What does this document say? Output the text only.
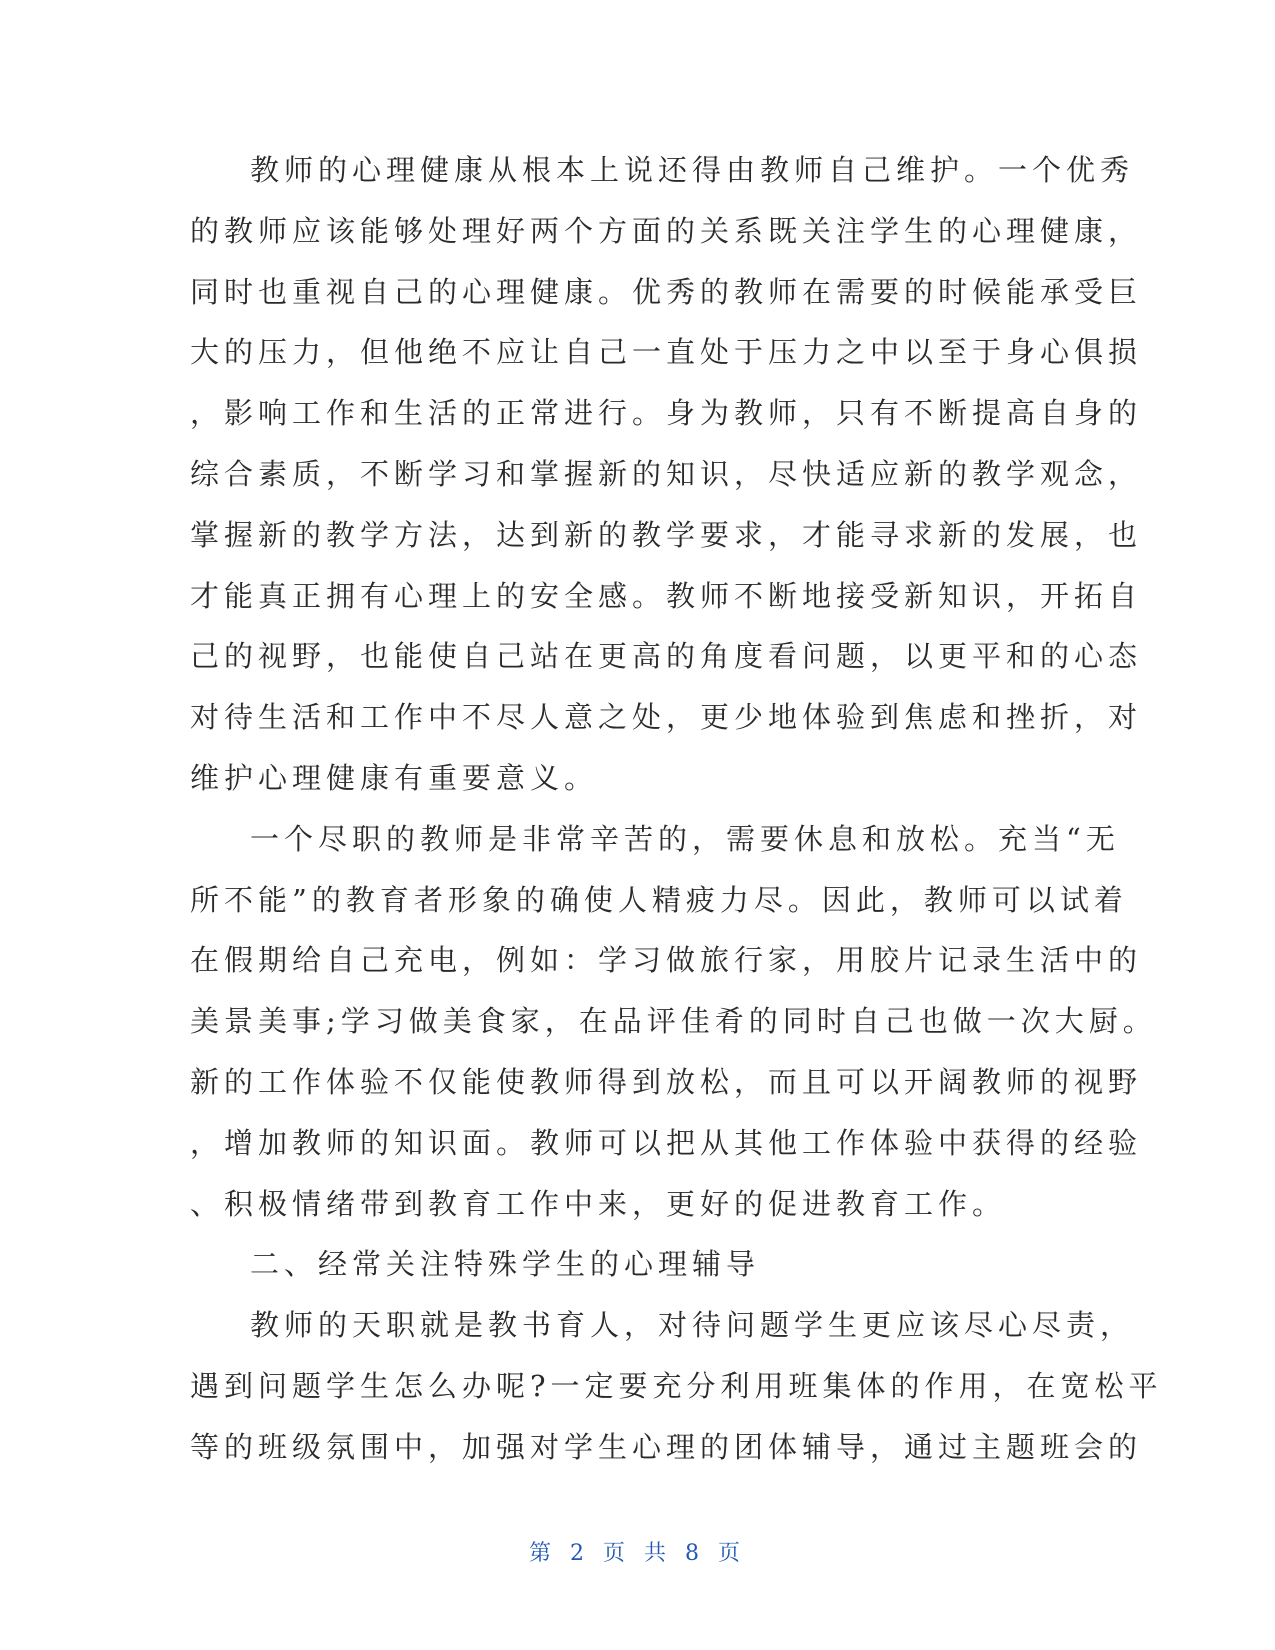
教师的心理健康从根本上说还得由教师自己维护。一个优秀
的教师应该能够处理好两个方面的关系既关注学生的心理健康，
同时也重视自己的心理健康。优秀的教师在需要的时候能承受巨
大的压力，但他绝不应让自己一直处于压力之中以至于身心俱损
，影响工作和生活的正常进行。身为教师，只有不断提高自身的
综合素质，不断学习和掌握新的知识，尽快适应新的教学观念，
掌握新的教学方法，达到新的教学要求，才能寻求新的发展，也
才能真正拥有心理上的安全感。教师不断地接受新知识，开拓自
己的视野，也能使自己站在更高的角度看问题，以更平和的心态
对待生活和工作中不尽人意之处，更少地体验到焦虑和挫折，对
维护心理健康有重要意义。
一个尽职的教师是非常辛苦的，需要休息和放松。充当“无
所不能”的教育者形象的确使人精疲力尽。因此，教师可以试着
在假期给自己充电，例如：学习做旅行家，用胶片记录生活中的
美景美事;学习做美食家，在品评佳肴的同时自己也做一次大厨。
新的工作体验不仅能使教师得到放松，而且可以开阔教师的视野
，增加教师的知识面。教师可以把从其他工作体验中获得的经验
、积极情绪带到教育工作中来，更好的促进教育工作。
二、经常关注特殊学生的心理辅导
教师的天职就是教书育人，对待问题学生更应该尽心尽责，
遇到问题学生怎么办呢?一定要充分利用班集体的作用，在宽松平
等的班级氛围中，加强对学生心理的团体辅导，通过主题班会的
第 2 页 共 8 页
